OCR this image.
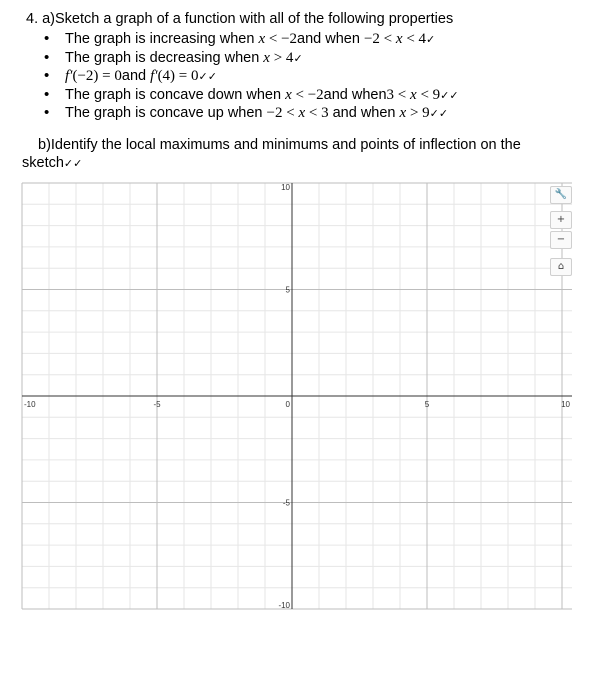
4. a)Sketch a graph of a function with all of the following properties
• The graph is increasing when x < −2and when −2 < x < 4✓
• The graph is decreasing when x > 4✓
• f′(−2) = 0and f′(4) = 0✓✓
• The graph is concave down when x < −2and when3 < x < 9✓✓
• The graph is concave up when −2 < x < 3 and when x > 9✓✓
b)Identify the local maximums and minimums and points of inflection on the
sketch✓✓
-10	-5	0	5	10
10
5
-5
-10
🔧
+
−
⌂
